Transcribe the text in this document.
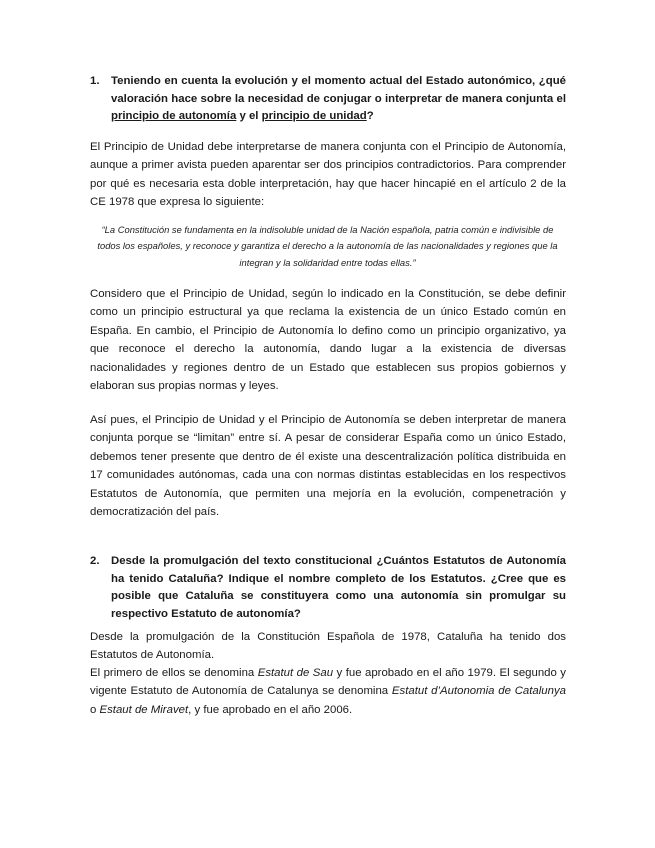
1. Teniendo en cuenta la evolución y el momento actual del Estado autonómico, ¿qué valoración hace sobre la necesidad de conjugar o interpretar de manera conjunta el principio de autonomía y el principio de unidad?
El Principio de Unidad debe interpretarse de manera conjunta con el Principio de Autonomía, aunque a primer avista pueden aparentar ser dos principios contradictorios. Para comprender por qué es necesaria esta doble interpretación, hay que hacer hincapié en el artículo 2 de la CE 1978 que expresa lo siguiente:
“La Constitución se fundamenta en la indisoluble unidad de la Nación española, patria común e indivisible de todos los españoles, y reconoce y garantiza el derecho a la autonomía de las nacionalidades y regiones que la integran y la solidaridad entre todas ellas.”
Considero que el Principio de Unidad, según lo indicado en la Constitución, se debe definir como un principio estructural ya que reclama la existencia de un único Estado común en España. En cambio, el Principio de Autonomía lo defino como un principio organizativo, ya que reconoce el derecho la autonomía, dando lugar a la existencia de diversas nacionalidades y regiones dentro de un Estado que establecen sus propios gobiernos y elaboran sus propias normas y leyes.
Así pues, el Principio de Unidad y el Principio de Autonomía se deben interpretar de manera conjunta porque se “limitan” entre sí. A pesar de considerar España como un único Estado, debemos tener presente que dentro de él existe una descentralización política distribuida en 17 comunidades autónomas, cada una con normas distintas establecidas en los respectivos Estatutos de Autonomía, que permiten una mejoría en la evolución, compenetración y democratización del país.
2. Desde la promulgación del texto constitucional ¿Cuántos Estatutos de Autonomía ha tenido Cataluña? Indique el nombre completo de los Estatutos. ¿Cree que es posible que Cataluña se constituyera como una autonomía sin promulgar su respectivo Estatuto de autonomía?
Desde la promulgación de la Constitución Española de 1978, Cataluña ha tenido dos Estatutos de Autonomía.
El primero de ellos se denomina Estatut de Sau y fue aprobado en el año 1979. El segundo y vigente Estatuto de Autonomía de Catalunya se denomina Estatut d’Autonomia de Catalunya o Estaut de Miravet, y fue aprobado en el año 2006.
